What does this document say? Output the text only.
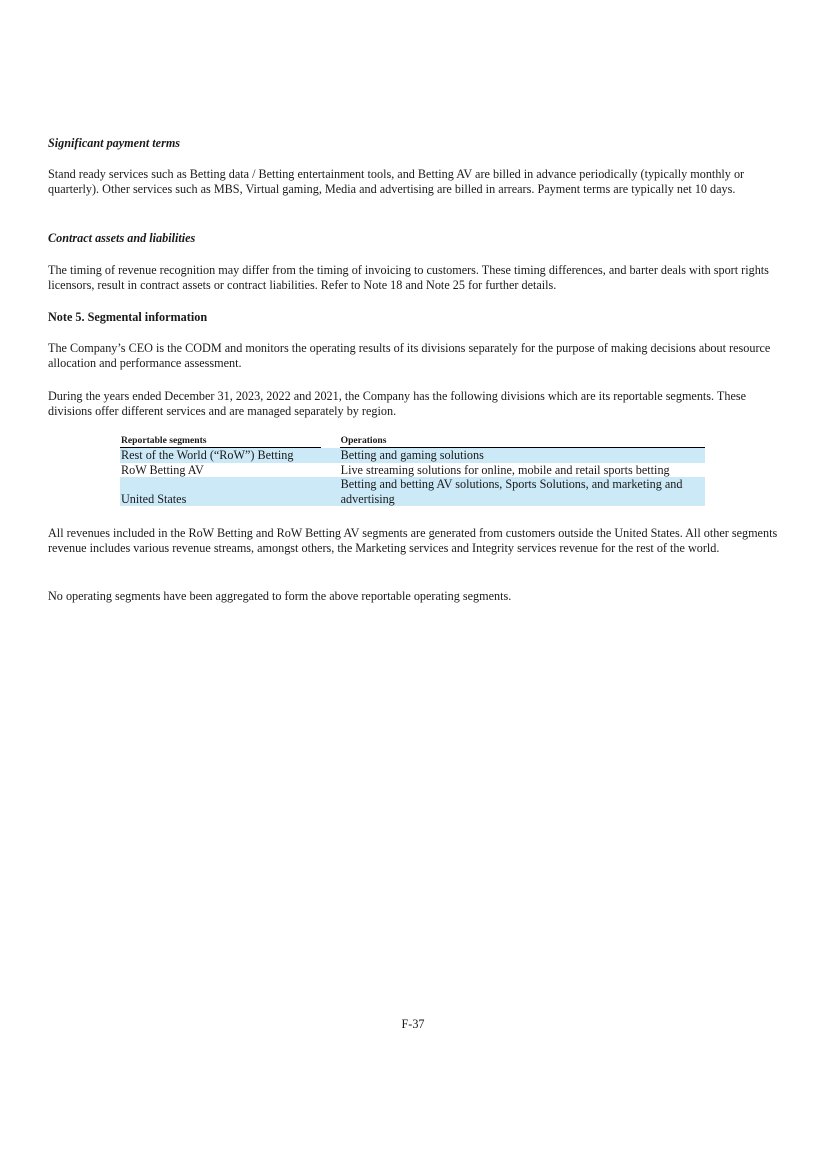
Significant payment terms

Stand ready services such as Betting data / Betting entertainment tools, and Betting AV are billed in advance periodically (typically monthly or quarterly). Other services such as MBS, Virtual gaming, Media and advertising are billed in arrears. Payment terms are typically net 10 days.

Contract assets and liabilities

The timing of revenue recognition may differ from the timing of invoicing to customers. These timing differences, and barter deals with sport rights licensors, result in contract assets or contract liabilities. Refer to Note 18 and Note 25 for further details.

Note 5. Segmental information

The Company’s CEO is the CODM and monitors the operating results of its divisions separately for the purpose of making decisions about resource allocation and performance assessment.

During the years ended December 31, 2023, 2022 and 2021, the Company has the following divisions which are its reportable segments. These divisions offer different services and are managed separately by region.

Reportable segments		Operations
Rest of the World (“RoW”) Betting		Betting and gaming solutions
RoW Betting AV		Live streaming solutions for online, mobile and retail sports betting
United States		Betting and betting AV solutions, Sports Solutions, and marketing and advertising

All revenues included in the RoW Betting and RoW Betting AV segments are generated from customers outside the United States. All other segments revenue includes various revenue streams, amongst others, the Marketing services and Integrity services revenue for the rest of the world.

No operating segments have been aggregated to form the above reportable operating segments.

F-37
